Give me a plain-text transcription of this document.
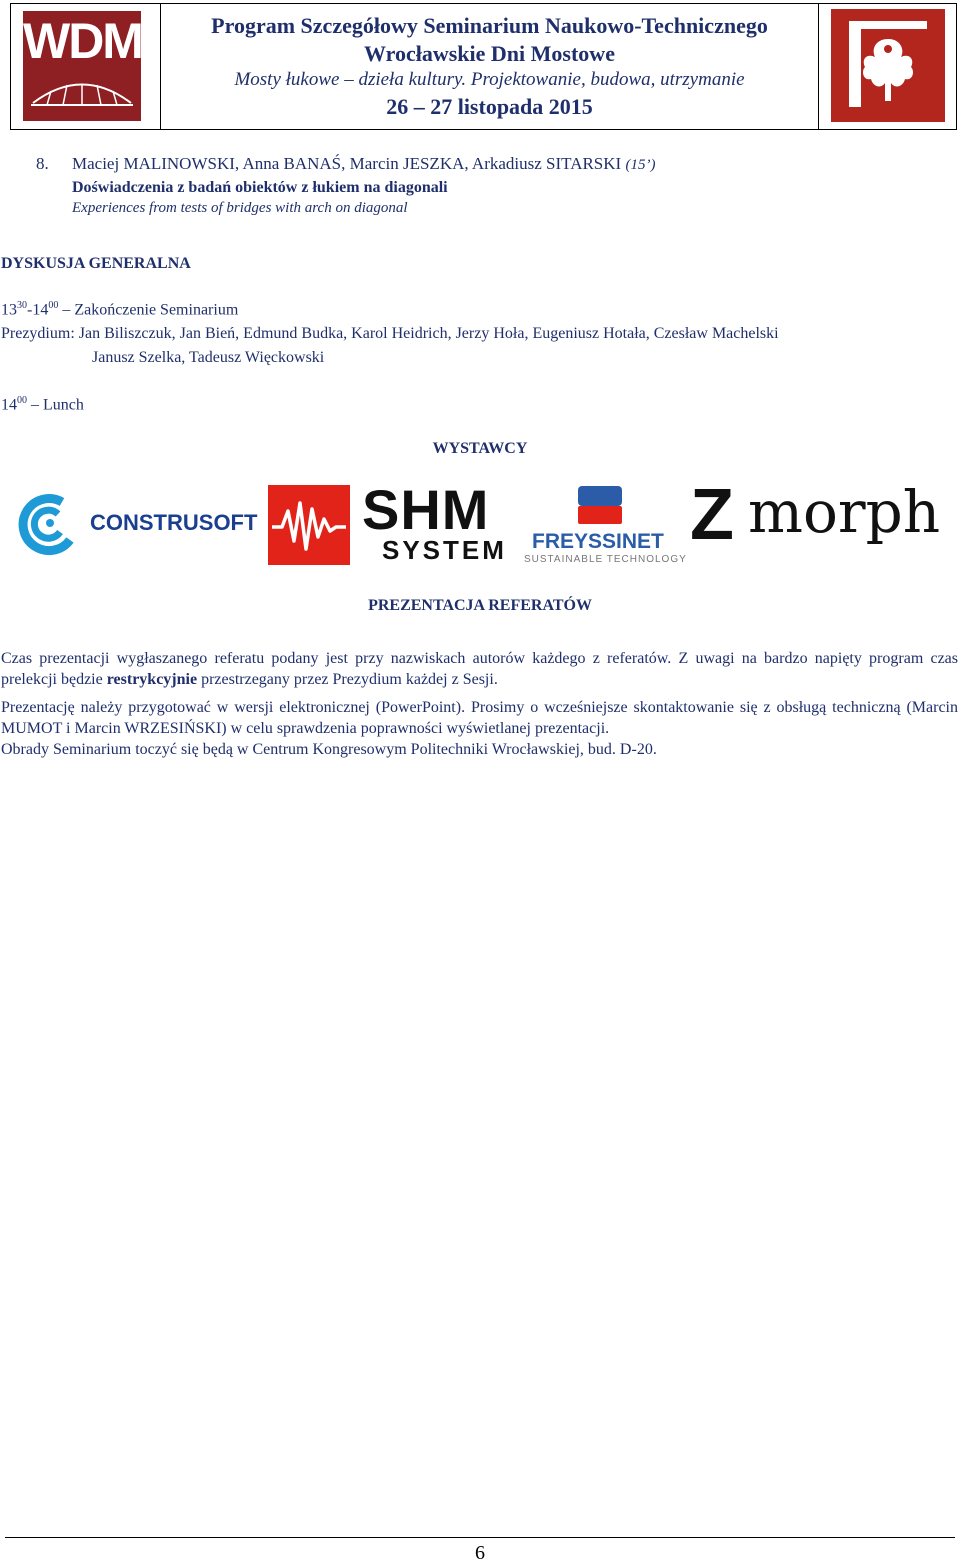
WDM	Program Szczegółowy Seminarium Naukowo-Technicznego
Wrocławskie Dni Mostowe
Mosty łukowe – dzieła kultury. Projektowanie, budowa, utrzymanie
26 – 27 listopada 2015
8. Maciej MALINOWSKI, Anna BANAŚ, Marcin JESZKA, Arkadiusz SITARSKI (15’)
Doświadczenia z badań obiektów z łukiem na diagonali
Experiences from tests of bridges with arch on diagonal
DYSKUSJA GENERALNA
$13^{30}-14^{00}$ – Zakończenie Seminarium
Prezydium: Jan Biliszczuk, Jan Bień, Edmund Budka, Karol Heidrich, Jerzy Hoła, Eugeniusz Hotała, Czesław Machelski
Janusz Szelka, Tadeusz Więckowski
$14^{00}$ – Lunch
WYSTAWCY
CONSTRUSOFT SHM
SYSTEM FREYSSINET
SUSTAINABLE TECHNOLOGY
Z morph
PREZENTACJA REFERATÓW
Czas prezentacji wygłaszanego referatu podany jest przy nazwiskach autorów każdego z referatów. Z uwagi na bardzo napięty program czas prelekcji będzie restrykcyjnie przestrzegany przez Prezydium każdej z Sesji.
Prezentację należy przygotować w wersji elektronicznej (PowerPoint). Prosimy o wcześniejsze skontaktowanie się z obsługą techniczną (Marcin MUMOT i Marcin WRZESIŃSKI) w celu sprawdzenia poprawności wyświetlanej prezentacji.
Obrady Seminarium toczyć się będą w Centrum Kongresowym Politechniki Wrocławskiej, bud. D-20.
6
